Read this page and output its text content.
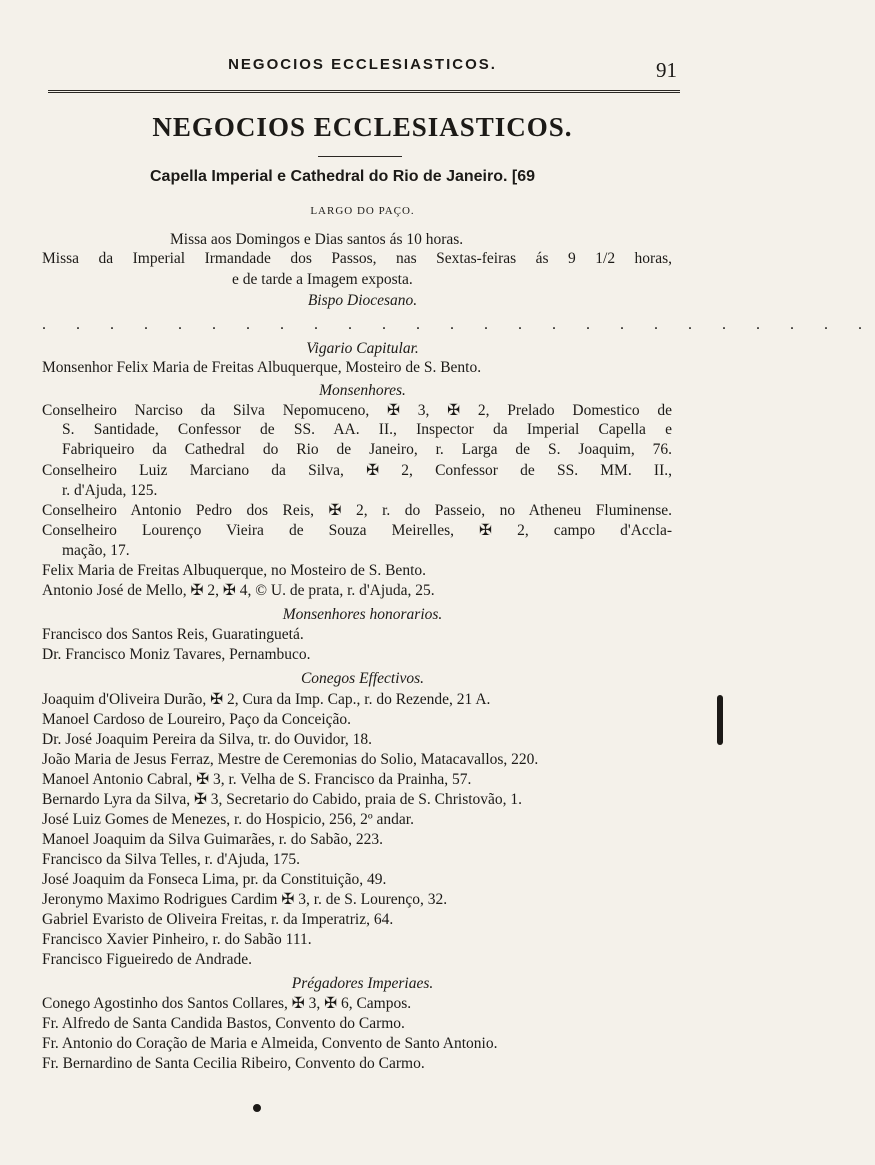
NEGOCIOS ECCLESIASTICOS.	91
NEGOCIOS ECCLESIASTICOS.
Capella Imperial e Cathedral do Rio de Janeiro. [69
LARGO DO PAÇO.
Missa aos Domingos e Dias santos ás 10 horas.
Missa da Imperial Irmandade dos Passos, nas Sextas-feiras ás 9 1/2 horas,
e de tarde a Imagem exposta.
Bispo Diocesano.
. . . . . . . . . . . . . . . . . . . . . . . . .
Vigario Capitular.
Monsenhor Felix Maria de Freitas Albuquerque, Mosteiro de S. Bento.
Monsenhores.
Conselheiro Narciso da Silva Nepomuceno, ✠ 3, ✠ 2, Prelado Domestico de
S. Santidade, Confessor de SS. AA. II., Inspector da Imperial Capella e
Fabriqueiro da Cathedral do Rio de Janeiro, r. Larga de S. Joaquim, 76.
Conselheiro Luiz Marciano da Silva, ✠ 2, Confessor de SS. MM. II.,
r. d'Ajuda, 125.
Conselheiro Antonio Pedro dos Reis, ✠ 2, r. do Passeio, no Atheneu Fluminense.
Conselheiro Lourenço Vieira de Souza Meirelles, ✠ 2, campo d'Accla-
mação, 17.
Felix Maria de Freitas Albuquerque, no Mosteiro de S. Bento.
Antonio José de Mello, ✠ 2, ✠ 4, © U. de prata, r. d'Ajuda, 25.
Monsenhores honorarios.
Francisco dos Santos Reis, Guaratinguetá.
Dr. Francisco Moniz Tavares, Pernambuco.
Conegos Effectivos.
Joaquim d'Oliveira Durão, ✠ 2, Cura da Imp. Cap., r. do Rezende, 21 A.
Manoel Cardoso de Loureiro, Paço da Conceição.
Dr. José Joaquim Pereira da Silva, tr. do Ouvidor, 18.
João Maria de Jesus Ferraz, Mestre de Ceremonias do Solio, Matacavallos, 220.
Manoel Antonio Cabral, ✠ 3, r. Velha de S. Francisco da Prainha, 57.
Bernardo Lyra da Silva, ✠ 3, Secretario do Cabido, praia de S. Christovão, 1.
José Luiz Gomes de Menezes, r. do Hospicio, 256, 2º andar.
Manoel Joaquim da Silva Guimarães, r. do Sabão, 223.
Francisco da Silva Telles, r. d'Ajuda, 175.
José Joaquim da Fonseca Lima, pr. da Constituição, 49.
Jeronymo Maximo Rodrigues Cardim ✠ 3, r. de S. Lourenço, 32.
Gabriel Evaristo de Oliveira Freitas, r. da Imperatriz, 64.
Francisco Xavier Pinheiro, r. do Sabão 111.
Francisco Figueiredo de Andrade.
Prégadores Imperiaes.
Conego Agostinho dos Santos Collares, ✠ 3, ✠ 6, Campos.
Fr. Alfredo de Santa Candida Bastos, Convento do Carmo.
Fr. Antonio do Coração de Maria e Almeida, Convento de Santo Antonio.
Fr. Bernardino de Santa Cecilia Ribeiro, Convento do Carmo.
